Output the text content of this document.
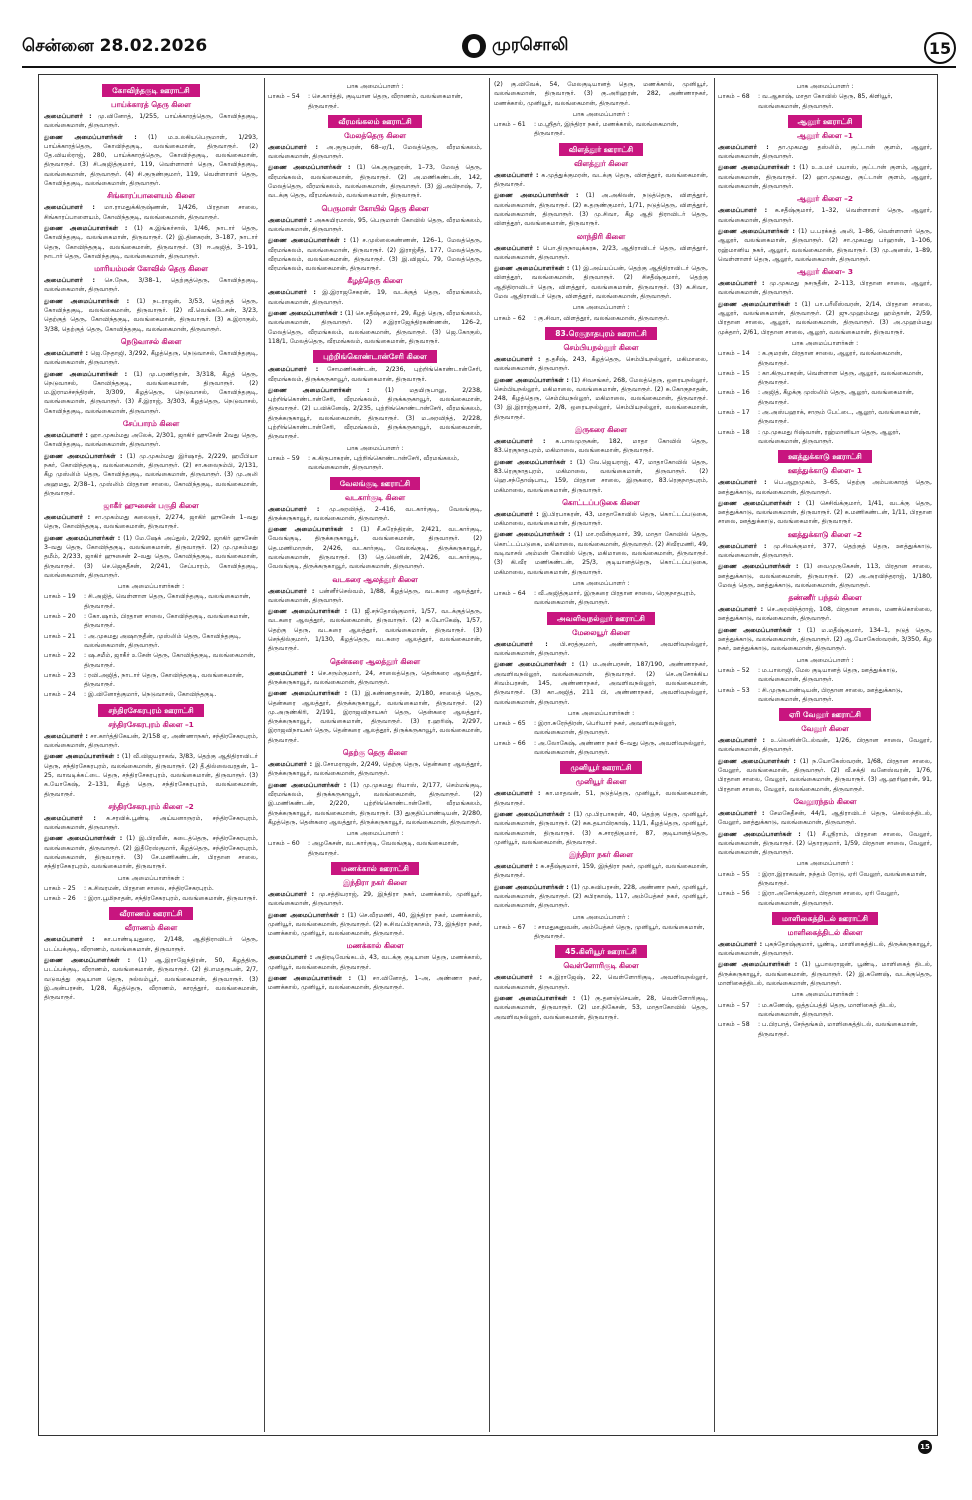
சென்னை 28.02.2026	முரசொலி	15
கோவிந்தகுடி ஊராட்சி
பாய்க்காரத் தெரு கிளை
அமைப்பாளர் : மு.வினோத், 1/255, பாய்க்காரத்தெரு, கோவிந்தகுடி, வலங்கைமான், திருவாரூர்.
துணை அமைப்பாளர்கள் : (1) ம.உலகியபெருமாள், 1/293, பாய்க்காரத்தெரு, கோவிந்தகுடி, வலங்கைமான், திருவாரூர். (2) தே.வியல்ராஜ், 280, பாய்க்காரத்தெரு, கோவிந்தகுடி, வலங்கைமான், திருவாரூர். (3) சி.அஜித்குமார், 119, வெள்ளாளர் தெரு, கோவிந்தகுடி, வலங்கைமான், திருவாரூர். (4) சி.குருண்குமார், 119, வெள்ளாளர் தெரு, கோவிந்தகுடி, வலங்கைமான், திருவாரூர்.
சிங்காரப்பாளையம் கிளை
அமைப்பாளர் : மா.ராமதுக்கிருஷ்ணன், 1/426, பிரதான சாலை, சிங்காரப்பாளையம், கோவிந்தகுடி, வலங்கைமான், திருவாரூர்.
துணை அமைப்பாளர்கள் : (1) க.இங்கர்சால், 1/46, நாடார் தெரு, கோவிந்தகுடி, வலங்கைமான், திருவாரூர். (2) இ.தினகரன், 3–187, நாடார் தெரு, கோவிந்தகுடி, வலங்கைமான், திருவாரூர். (3) ஈ.அஜித், 3–191, நாடார் தெரு, கோவிந்தகுடி, வலங்கைமான், திருவாரூர்.
மாரியம்மன் கோவில் தெரு கிளை
அமைப்பாளர் : செ.நேசு, 3/38–1, தெற்குத்தெரு, கோவிந்தகுடி, வலங்கைமான், திருவாரூர்.
துணை அமைப்பாளர்கள் : (1) நடராஜன், 3/53, தெற்குத் தெரு, கோவிந்தகுடி, வலங்கைமான், திருவாரூர். (2) வீ.வெங்கடேசன், 3/23, தெற்குத் தெரு, கோவிந்தகுடி, வலங்கைமான், திருவாரூர். (3) க.இராகுல், 3/38, தெற்குத் தெரு, கோவிந்தகுடி, வலங்கைமான், திருவாரூர்.
நெடுவாசல் கிளை
அமைப்பாளர் : ஜெ.நேதாஜி, 3/292, கீழத்தெரு, நெடுவாசல், கோவிந்தகுடி, வலங்கைமான், திருவாரூர்.
துணை அமைப்பாளர்கள் : (1) மு.பரணிதரன், 3/318, கீழத் தெரு, நெடுவாசல், கோவிந்தகுடி, வலங்கைமான், திருவாரூர். (2) ம.இராமச்சந்திரன், 3/309, கீழத்தெரு, நெடுவாசல், கோவிந்தகுடி, வலங்கைமான், திருவாரூர். (3) சீ.இராஜ், 3/303, கீழத்தெரு, நெடுவாசல், கோவிந்தகுடி, வலங்கைமான், திருவாரூர்.
சேப்பாரம் கிளை
அமைப்பாளர் : ஹா.முகம்மது அலேக், 2/301, ஜாகிர் ஹுசேன் 2வது தெரு, கோவிந்தகுடி, வலங்கைமான், திருவாரூர்.
துணை அமைப்பாளர்கள் : (1) மு.முகம்மது இர்ஷாத், 2/229, ஹபீபியா நகர், கோவிந்தகுடி, வலங்கைமான், திருவாரூர். (2) சா.கலைநம்பி, 2/131, கீழ முஸ்லிம் தெரு, கோவிந்தகுடி, வலங்கைமான், திருவாரூர். (3) மு.அலி அஹமது, 2/38–1, முஸ்லிம் பிரதான சாலை, கோவிந்தகுடி, வலங்கைமான், திருவாரூர்.
ஜாகீர் ஹுசைன் பகுதி கிளை
அமைப்பாளர் : சா.முகம்மது கலைஞர், 2/274, ஜாகிர் ஹுசேன் 1–வது தெரு, கோவிந்தகுடி, வலங்கைமான், திருவாரூர்.
துணை அமைப்பாளர்கள் : (1) மே.ஷேக் அப்துல், 2/292, ஜாகிர் ஹுசேன் 3–வது தெரு, கோவிந்தகுடி, வலங்கைமான், திருவாரூர். (2) மு.முகம்மது தமீம், 2/233, ஜாகிர் ஹுசைன் 2–வது தெரு, கோவிந்தகுடி, வலங்கைமான், திருவாரூர். (3) செ.ஜெகதீசன், 2/241, சேப்பாரம், கோவிந்தகுடி, வலங்கைமான், திருவாரூர்.
பாக அமைப்பாளர்கள் :
பாகம் – 19	: சி.அஜித், வெள்ளாள தெரு, கோவிந்தகுடி, வலங்கைமான், திருவாரூர்.
பாகம் – 20	: கோ.ஷாம், பிரதான சாலை, கோவிந்தகுடி, வலங்கைமான், திருவாரூர்.
பாகம் – 21	: அ.முகமது அஷாருதீன், முஸ்லிம் தெரு, கோவிந்தகுடி, வலங்கைமான், திருவாரூர்.
பாகம் – 22	: ஷ.சமீம், ஜாகீர் உசேன் தெரு, கோவிந்தகுடி, வலங்கைமான், திருவாரூர்.
பாகம் – 23	: ரவி.அஜித், நாடார் தெரு, கோவிந்தகுடி, வலங்கைமான், திருவாரூர்.
பாகம் – 24	: இ.வினோத்குமார், நெடுவாசல், கோவிந்தகுடி.
சந்திரசேகரபுரம் ஊராட்சி
சந்திரசேகரபுரம் கிளை –1
அமைப்பாளர் : சா.கார்த்திகேயன், 2/158 ஏ, அண்ணாநகர், சந்திரசேகரபுரம், வலங்கைமான், திருவாரூர்.
துணை அமைப்பாளர்கள் : (1) வீ.விஜயராகவ், 3/83, தெற்கு ஆதிதிராவிடர் தெரு, சந்திரசேகரபுரம், வலங்கைமான், திருவாரூர். (2) தீ.தில்லைவரதன், 1–25, வாவடிக்கட்டை தெரு, சந்திரசேகரபுரம், வலங்கைமான், திருவாரூர். (3) க.யோகேஷ், 2–131, கீழத் தெரு, சந்திரசேகரபுரம், வலங்கைமான், திருவாரூர்.
சந்திரசேகரபுரம் கிளை –2
அமைப்பாளர் : க.சரவிக்.பூண்டி அய்யனாருரம், சந்திரசேகரபுரம், வலங்கைமான், திருவாரூர்.
துணை அமைப்பாளர்கள் : (1) இ.பிரவீன், கடைத்தெரு, சந்திரசேகரபுரம், வலங்கைமான், திருவாரூர். (2) இதீரேஸ்குமார், கீழத்தெரு, சந்திரசேகரபுரம், வலங்கைமான், திருவாரூர். (3) சே.மணிகண்டன், பிரதான சாலை, சந்திரசேகரபுரம், வலங்கைமான், திருவாரூர்.
பாக அமைப்பாளர்கள் :
பாகம் – 25	: க.சிவரமன், பிரதான சாலை, சந்திரசேகரபுரம்.
பாகம் – 26	: இரா.பூமிநாதன், சந்திரசேகரபுரம், வலங்கைமான், திருவாரூர்.
வீராணம் ஊராட்சி
வீராணம் கிளை
அமைப்பாளர் : கா.பாண்டியுதுரை, 2/148, ஆதிதிராவிடர் தெரு, படப்பக்குடி, வீராணம், வலங்கைமான், திருவாரூர்.
துணை அமைப்பாளர்கள் : (1) ஆ.இராஜேந்திரன், 50, கீழத்திரு, படப்பக்குடி, வீராணம், வலங்கைமான், திருவாரூர். (2) தி.எமதரூபன், 2/7, வடுவத்து குடியான தெரு, நல்லம்பூர், வலங்கைமான், திருவாரூர். (3) இ.அன்பரசன், 1/28, கீழத்தெரு, வீராணம், காரத்தூர், வலங்கைமான், திருவாரூர்.
பாக அமைப்பாளர் :
பாகம் – 54	: செ.கார்த்தி, குடியான தெரு, வீராணம், வலங்கைமான், திருவாரூர்.
வீரமங்கலம் ஊராட்சி
மேலத்தெரு கிளை
அமைப்பாளர் : அ.குருபரன், 68–ஏ/1, மேலத்தெரு, வீரமங்கலம், வலங்கைமான், திருவாரூர்.
துணை அமைப்பாளர்கள் : (1) கெ.குருஹரன், 1–73, மேலத் தெரு, வீரமங்கலம், வலங்கைமான், திருவாரூர். (2) அ.மணிகண்டன், 142, மேலத்தெரு, வீரமங்கலம், வலங்கைமான், திருவாரூர். (3) இ.அபிநாஷ், 7, வடக்கு தெரு, வீரமங்கலம், வலங்கைமான், திருவாரூர்.
பெருமாள் கோயில் தெரு கிளை
அமைப்பாளர் : அசுகயிரமாஸ், 95, பெருமாள் கோவில் தெரு, வீரமங்கலம், வலங்கைமான், திருவாரூர்.
துணை அமைப்பாளர்கள் : (1) ச.முல்லைகண்ணன், 126–1, மேலத்தெரு, வீரமங்கலம், வலங்கைமான், திருவாரூர். (2) இராஜ்சீத், 177, மேலத்தெரு, வீரமங்கலம், வலங்கைமான், திருவாரூர். (3) இ.விஜய், 79, மேலத்தெரு, வீரமங்கலம், வலங்கைமான், திருவாரூர்.
கீழத்தெரு கிளை
அமைப்பாளர் : இ.இராஜசேகரன், 19, வடக்குத் தெரு, வீரமங்கலம், வலங்கைமான், திருவாரூர்.
துணை அமைப்பாளர்கள் : (1) செ.சதீஷ்குமார், 29, கீழத் தெரு, வீரமங்கலம், வலங்கைமான், திருவாரூர். (2) ச.இராஜேந்திரகண்ணன், 126–2, மேலத்தெரு, வீரமங்கலம், வலங்கைமான், திருவாரூர். (3) ஜெ.கோகுல், 118/1, மேலத்தெரு, வீரமங்கலம், வலங்கைமான், திருவாரூர்.
புற்றிங்கொண்டான்சேரி கிளை
அமைப்பாளர் : சோமணிகண்டன், 2/236, புற்றிங்கொண்டான்சேரி, வீரமங்கலம், திருக்கருகாவூர், வலங்கைமான், திருவாரூர்.
துணை அமைப்பாளர்கள் : (1) மதயிருபாலு, 2/238, புற்றிங்கொண்டான்சேரி, வீரமங்கலம், திருக்கருகாவூர், வலங்கைமான், திருவாரூர். (2) ப.விக்னேஷ், 2/235, புற்றிங்கொண்டான்சேரி, வீரமங்கலம், திருக்கருகாவூர், வலங்கைமான், திருவாரூர். (3) ம.அரவிந்த், 2/228, புற்றிங்கொண்டான்சேரி, வீரமங்கலம், திருக்கருகாவூர், வலங்கைமான், திருவாரூர்.
பாக அமைப்பாளர் :
பாகம் – 59	: க.கிருபாகரன், புற்றிங்கொண்டான்சேரி, வீரமங்கலம், வலங்கைமான், திருவாரூர்.
வேலங்குடி ஊராட்சி
வடகார்குடி கிளை
அமைப்பாளர் : மு.அரவிந்த், 2–416, வடகார்குடி, வேலங்குடி, திருக்கருகாவூர், வலங்கைமான், திருவாரூர்.
துணை அமைப்பாளர்கள் : (1) சீ.சுரேந்திரன், 2/421, வடகார்குடி, வேலங்குடி, திருக்கருகாவூர், வலங்கைமான், திருவாரூர். (2) தெ.மணிமாறன், 2/426, வடகார்குடி, வேலங்குடி, திருக்கருகாவூர், வலங்கைமான், திருவாரூர். (3) தெ.லெனின், 2/426, வடகார்குடி, வேலங்குடி, திருக்கருகாவூர், வலங்கைமான், திருவாரூர்.
வடகரை ஆலத்தூர் கிளை
அமைப்பாளர் : பன்னீர்செல்வம், 1/88, கீழத்தெரு, வடகரை ஆலத்தூர், வலங்கைமான், திருவாரூர்.
துணை அமைப்பாளர்கள் : (1) ஜீ.சந்தோஷ்குமார், 1/57, வடக்குத்தெரு, வடகரை ஆலத்தூர், வலங்கைமான், திருவாரூர். (2) க.யோகேஷ், 1/57, தெற்கு தெரு, வடகரை ஆலத்தூர், வலங்கைமான், திருவாரூர். (3) செந்தில்குமார், 1/130, கீழத்தெரு, வடகரை ஆலத்தூர், வலங்கைமான், திருவாரூர்.
தென்கரை ஆலத்தூர் கிளை
அமைப்பாளர் : செ.சரும்குமார், 24, சாலைத்தெரு, தென்கரை ஆலத்தூர், திருக்கருகாவூர், வலங்கைமான், திருவாரூர்.
துணை அமைப்பாளர்கள் : (1) இ.கண்ணதாசன், 2/180, சாலைத் தெரு, தென்கரை ஆலத்தூர், திருக்கருகாவூர், வலங்கைமான், திருவாரூர். (2) மு.அருண்கிரி, 2/191, இராஜவிநாயகர் தெரு, தென்கரை ஆலத்தூர், திருக்கருகாவூர், வலங்கைமான், திருவாரூர். (3) ர.ஹரிஷ், 2/297, இராஜவிநாயகர் தெரு, தென்கரை ஆலத்தூர், திருக்கருகாவூர், வலங்கைமான், திருவாரூர்.
தெற்கு தெரு கிளை
அமைப்பாளர் : இ.சோமராஜன், 2/249, தெற்கு தெரு, தென்கரை ஆலத்தூர், திருக்கருகாவூர், வலங்கைமான், திருவாரூர்.
துணை அமைப்பாளர்கள் : (1) மு.முகமது ரியாஸ், 2/177, செம்மங்குடி, வீரமங்கலம், திருக்கருகாவூர், வலங்கைமான், திருவாரூர். (2) இ.மணிகண்டன், 2/220, புற்றிங்கொண்டான்சேரி, வீரமங்கலம், திருக்கருகாவூர், வலங்கைமான், திருவாரூர். (3) துகுதிப்பாண்டியன், 2/280, கீழத்தெரு, தென்கரை ஆலத்தூர், திருக்கருகாவூர், வலங்கைமான், திருவாரூர்.
பாக அமைப்பாளர் :
பாகம் – 60	: அழகேசன், வடகார்குடி, வேலங்குடி, வலங்கைமான், திருவாரூர்.
மணக்கால் ஊராட்சி
இந்திரா நகர் கிளை
அமைப்பாளர் : மு.சத்தியராஜ், 29, இந்திரா நகர், மணக்கால், முனியூர், வலங்கைமான், திருவாரூர்.
துணை அமைப்பாளர்கள் : (1) செ.வீரமணி, 40, இந்திரா நகர், மணக்கால், முனியூர், வலங்கைமான், திருவாரூர். (2) சு.சிவப்பிரகாசம், 73, இந்திரா நகர், மணக்கால், முனியூர், வலங்கைமான், திருவாரூர்.
மணக்கால் கிளை
அமைப்பாளர் : அதிரடிவேங்கடம், 43, வடக்கு குடியான தெரு, மணக்கால், முனியூர், வலங்கைமான், திருவாரூர்.
துணை அமைப்பாளர்கள் : (1) சா.வினோத், 1–அ, அண்ணா நகர், மணக்கால், முனியூர், வலங்கைமான், திருவாரூர்.
(2) கு.விவேக், 54, மேலகுடியானத் தெரு, மணக்கால், முனியூர், வலங்கைமான், திருவாரூர். (3) கு.அரிஹரன், 282, அண்ணாநகர், மணக்கால், முனியூர், வலங்கைமான், திருவாரூர்.
பாக அமைப்பாளர் :
பாகம் – 61	: ம.ஸ்ரீதர், இந்திரா நகர், மணக்கால், வலங்கைமான், திருவாரூர்.
விளத்தூர் ஊராட்சி
விளத்தூர் கிளை
அமைப்பாளர் : க.முத்துக்குமரன், வடக்கு தெரு, விளத்தூர், வலங்கைமான், திருவாரூர்.
துணை அமைப்பாளர்கள் : (1) அ.அகிலன், நடுத்தெரு, விளத்தூர், வலங்கைமான், திருவாரூர். (2) க.தருண்குமார், 1/71, நடுத்தெரு, விளத்தூர், வலங்கைமான், திருவாரூர். (3) மு.சிவா, கீழ ஆதி திராவிடர் தெரு, விளத்தூர், வலங்கைமான், திருவாரூர்.
லாந்திரி கிளை
அமைப்பாளர் : பொ.திருநாவுக்கரசு, 2/23, ஆதிராவிடர் தெரு, விளத்தூர், வலங்கைமான், திருவாரூர்.
துணை அமைப்பாளர்கள் : (1) இ.அய்யப்பன், தெற்கு ஆதிதிராவிடர் தெரு, விளத்தூர், வலங்கைமான், திருவாரூர். (2) சிசதீஷ்குமார், தெற்கு ஆதிதிராவிடர் தெரு, விளத்தூர், வலங்கைமான், திருவாரூர். (3) க.சிவா, மேல ஆதிராவிடர் தெரு, விளத்தூர், வலங்கைமான், திருவாரூர்.
பாக அமைப்பாளர் :
பாகம் – 62	: கு.சிவா, விளத்தூர், வலங்கைமான், திருவாரூர்.
83.ரெகுநாதபுரம் ஊராட்சி
செம்பியநல்லூர் கிளை
அமைப்பாளர் : த.தசீஷ், 243, கீழத்தெரு, செம்பியநல்லூர், மகிமாலை, வலங்கைமான், திருவாரூர்.
துணை அமைப்பாளர்கள் : (1) சிவசங்கர், 268, மேலத்தெரு, ஒரையநல்லூர், செம்பியநல்லூர், மகிமாலை, வலங்கைமான், திருவாரூர். (2) சு.கோகுநாதன், 248, கீழத்தெரு, செம்பியநல்லூர், மகிமாலை, வலங்கைமான், திருவாரூர். (3) இ.இராஜ்குமார், 2/8, ஒரையநல்லூர், செம்பியநல்லூர், வலங்கைமான், திருவாரூர்.
இருகரை கிளை
அமைப்பாளர் : க.பாலமுருகன், 182, மாதா கோவில் தெரு, 83.ரெகுநாதபுரம், மகிமாலை, வலங்கைமான், திருவாரூர்.
துணை அமைப்பாளர்கள் : (1) வே.ஜெயராஜ், 47, மாதாகோவில் தெரு, 83.ரெகுநாதபுரம், மகிமாலை, வலங்கைமான், திருவாரூர். (2) ஹெ.சந்தோஷ்பாபு, 159, பிரதான சாலை, இருகரை, 83.ரெகுநாதபுரம், மகிமாலை, வலங்கைமான், திருவாரூர்.
கொட்டப்படுகை கிளை
அமைப்பாளர் : இ.பிரபாகரன், 43, மாதாகோவில் தெரு, கொட்டப்படுகை, மகிமாலை, வலங்கைமான், திருவாரூர்.
துணை அமைப்பாளர்கள் : (1) மா.ரவீன்குமார், 39, மாதா கோவில் தெரு, கொட்டப்படுகை, மகிமாலை, வலங்கைமான், திருவாரூர். (2) சிவீரமணி, 49, வடிவாசல் அம்மன் கோவில் தெரு, மகிமாலை, வலங்கைமான், திருவாரூர். (3) கி.வீர மணிகண்டன், 25/3, குடியானத்தெரு, கொட்டப்படுகை, மகிமாலை, வலங்கைமான், திருவாரூர்.
பாக அமைப்பாளர் :
பாகம் – 64	: வீ.அஜித்குமார், இருகரை பிரதான சாலை, ரெகுநாதபுரம், வலங்கைமான், திருவாரூர்.
அவளிவநல்லூர் ஊராட்சி
மேலையூர் கிளை
அமைப்பாளர் : பி.சரத்குமார், அண்ணாநகர், அவளிவநல்லூர், வலங்கைமான், திருவாரூர்.
துணை அமைப்பாளர்கள் : (1) ம.அன்பரசன், 187/190, அண்ணாநகர், அவளிவநல்லூர், வலங்கைமான், திருவாரூர். (2) செ.அசோக்கிய சிவம்பரசன், 145, அண்ணாநகர், அவளிவநல்லூர், வலங்கைமான், திருவாரூர். (3) கா.அஜித், 211 பி, அண்ணாநகர், அவளிவநல்லூர், வலங்கைமான், திருவாரூர்.
பாக அமைப்பாளர்கள் :
பாகம் – 65	: இரா.சுரேந்திரன், பெரியார் நகர், அவளிவநல்லூர், வலங்கைமான், திருவாரூர்.
பாகம் – 66	: அ.லோகேஷ், அண்ணா நகர் 6–வது தெரு, அவளிவநல்லூர், வலங்கைமான், திருவாரூர்.
முனியூர் ஊராட்சி
முனியூர் கிளை
அமைப்பாளர் : கா.மாதவன், 51, நடுத்தெரு, முனியூர், வலங்கைமான், திருவாரூர்.
துணை அமைப்பாளர்கள் : (1) மு.பிரபாகரன், 40, தெற்கு தெரு, முனியூர், வலங்கைமான், திருவாரூர். (2) சுக.தயாபிரகாஷ், 11/1, கீழத்தெரு, முனியூர், வலங்கைமான், திருவாரூர். (3) சு.சாரதிகுமார், 87, குடியானத்தெரு, முனியூர், வலங்கைமான், திருவாரூர்.
இந்திரா நகர் கிளை
அமைப்பாளர் : சு.சதீஷ்குமார், 159, இந்திரா நகர், முனியூர், வலங்கைமான், திருவாரூர்.
துணை அமைப்பாளர்கள் : (1) மு.சுவிபரசன், 228, அண்ணா நகர், முனியூர், வலங்கைமான், திருவாரூர். (2) சுபிரகாஷ், 117, அம்பேத்கர் நகர், முனியூர், வலங்கைமான், திருவாரூர்.
பாக அமைப்பாளர் :
பாகம் – 67	: சாமதுகனுவன், அம்பேத்கர் தெரு, முனியூர், வலங்கைமான், திருவாரூர்.
45.கிளியூர் ஊராட்சி
வெள்ளோரிகுடி கிளை
அமைப்பாளர் : க.இராஜேஷ், 22, வெள்ளோரிகுடி, அவளிவநல்லூர், வலங்கைமான், திருவாரூர்.
துணை அமைப்பாளர்கள் : (1) கு.தனஞ்செயன், 28, வெள்ளோரிகுடி, வலங்கைமான், திருவாரூர். (2) மா.நிகேசன், 53, மாதாகோவில் தெரு, அவளிவநல்லூர், வலங்கைமான், திருவாரூர்.
பாக அமைப்பாளர் :
பாகம் – 68	: வ.ஆகாஷ், மாதா கோவில் தெரு, 85, கிளியூர், வலங்கைமான், திருவாரூர்.
ஆலூர் ஊராட்சி
ஆலூர் கிளை –1
அமைப்பாளர் : தா.முகமது தஸ்லிம், குட்டான் குளம், ஆலூர், வலங்கைமான், திருவாரூர்.
துணை அமைப்பாளர்கள் : (1) உ.உமர் பயாஸ், குட்டான் குளம், ஆலூர், வலங்கைமான், திருவாரூர். (2) ஹா.முகமது, குட்டான் குளம், ஆலூர், வலங்கைமான், திருவாரூர்.
ஆலூர் கிளை –2
அமைப்பாளர் : க.சதீஷ்குமார், 1–32, வெள்ளாளர் தெரு, ஆலூர், வலங்கைமான், திருவாரூர்.
துணை அமைப்பாளர்கள் : (1) ப.பரக்கத் அலி, 1–86, வெள்ளாளர் தெரு, ஆலூர், வலங்கைமான், திருவாரூர். (2) சா.முகமது பர்ஹான், 1–106, ரஹ்மானிய நகர், ஆலூர், வலங்கைமான், திருவாரூர். (3) மு.அனஸ், 1–89, வெள்ளாளர் தெரு, ஆலூர், வலங்கைமான், திருவாரூர்.
ஆலூர் கிளை– 3
அமைப்பாளர் : மு.முகமது நசருதீன், 2–113, பிரதான சாலை, ஆலூர், வலங்கைமான், திருவாரூர்.
துணை அமைப்பாளர்கள் : (1) பா.பரீலீஸ்வரன், 2/14, பிரதான சாலை, ஆலூர், வலங்கைமான், திருவாரூர். (2) ஜு.முஹம்மது ஹம்தான், 2/59, பிரதான சாலை, ஆலூர், வலங்கைமான், திருவாரூர். (3) அ.முஹம்மது முக்தார், 2/61, பிரதான சாலை, ஆலூர், வலங்கைமான், திருவாரூர்.
பாக அமைப்பாளர்கள் :
பாகம் – 14	: க.குமரன், பிரதான சாலை, ஆலூர், வலங்கைமான், திருவாரூர்.
பாகம் – 15	: கா.கிருபாகரன், வெள்ளாள தெரு, ஆலூர், வலங்கைமான், திருவாரூர்.
பாகம் – 16	: அஜித், கீழக்கு முஸ்லிம் தெரு, ஆலூர், வலங்கைமான், திருவாரூர்.
பாகம் – 17	: அ.அஸ்பஹாக், சாரும் பேட்டை, ஆலூர், வலங்கைமான், திருவாரூர்.
பாகம் – 18	: மு.முகமது ரிஷ்வான், ரஹ்மானியா தெரு, ஆலூர், வலங்கைமான், திருவாரூர்.
ஊத்துக்காடு ஊராட்சி
ஊத்துக்காடு கிளை– 1
அமைப்பாளர் : பெ.ஆறுமுகம், 3–65, தெற்கு அம்பலகாரத் தெரு, ஊத்துக்காடு, வலங்கைமான், திருவாரூர்.
துணை அமைப்பாளர்கள் : (1) செசிவ்க்குமார், 1/41, வடக்கு தெரு, ஊத்துக்காடு, வலங்கைமான், திருவாரூர். (2) க.மணிகண்டன், 1/11, பிரதான சாலை, ஊத்துக்காடு, வலங்கைமான், திருவாரூர்.
ஊத்துக்காடு கிளை –2
அமைப்பாளர் : மு.சிவக்குமார், 377, தெற்குத் தெரு, ஊத்துக்காடு, வலங்கைமான், திருவாரூர்.
துணை அமைப்பாளர்கள் : (1) வைமுருகேசன், 113, பிரதான சாலை, ஊத்துக்காடு, வலங்கைமான், திருவாரூர். (2) அ.அரவிந்தராஜ், 1/180, மேலத் தெரு, ஊத்துக்காடு, வலங்கைமான், திருவாரூர்.
தண்ணீர் பந்தல் கிளை
அமைப்பாளர் : செ.அரவிந்த்ராஜ், 108, பிரதான சாலை, மணக்கொல்லை, ஊத்துக்காடு, வலங்கைமான், திருவாரூர்.
துணை அமைப்பாளர்கள் : (1) ம.மதீஷ்குமார், 134–1, நடுத் தெரு, ஊத்துக்காடு, வலங்கைமான், திருவாரூர். (2) ஆ.யோகேஸ்வரன், 3/350, கீழ நகர், ஊத்துக்காடு, வலங்கைமான், திருவாரூர்.
பாக அமைப்பாளர் :
பாகம் – 52	: ம.பாலாஜி, மேல குடியானத் தெரு, ஊத்துக்காடு, வலங்கைமான், திருவாரூர்.
பாகம் – 53	: சி.முருகபாண்டியன், பிரதான சாலை, ஊத்துக்காடு, வலங்கைமான், திருவாரூர்.
ஏரி வேலூர் ஊராட்சி
வேலூர் கிளை
அமைப்பாளர் : உ.லெனின்டேல்வன், 1/26, பிரதான சாலை, வேலூர், வலங்கைமான், திருவாரூர்.
துணை அமைப்பாளர்கள் : (1) ந.யோகேஸ்வரன், 1/68, பிரதான சாலை, வேலூர், வலங்கைமான், திருவாரூர். (2) வீ.சக்தி வனேஸ்வரன், 1/76, பிரதான சாலை, வேலூர், வலங்கைமான், திருவாரூர். (3) ஆ.ஹரிஹரன், 91, பிரதான சாலை, வேலூர், வலங்கைமான், திருவாரூர்.
வேலூரந்தம் கிளை
அமைப்பாளர் : சேமகேதீசன், 44/1, ஆதிராவிடர் தெரு, செல்லந்திடல், வேலூர், ஊத்துக்காடு, வலங்கைமான், திருவாரூர்.
துணை அமைப்பாளர்கள் : (1) சீ.ஸ்ரீராம், பிரதான சாலை, வேலூர், வலங்கைமான், திருவாரூர். (2) தொரகுமார், 1/59, பிரதான சாலை, வேலூர், வலங்கைமான், திருவாரூர்.
பாக அமைப்பாளர் :
பாகம் – 55	: இரா.இராகவன், நந்தம் ரோடு, ஏரி வேலூர், வலங்கைமான், திருவாரூர்.
பாகம் – 56	: இரா.அசோக்குமார், பிரதான சாலை, ஏரி வேலூர், வலங்கைமான், திருவாரூர்.
மாளிகைத்திடல் ஊராட்சி
மாளிகைத்திடல் கிளை
அமைப்பாளர் : புகந்தோஷ்குமார், பூண்டி, மாளிகைத்திடல், திருக்கருகாவூர், வலங்கைமான், திருவாரூர்.
துணை அமைப்பாளர்கள் : (1) பூபாலராஜன், பூண்டி, மாளிகைத் திடல், திருக்கருகாவூர், வலங்கைமான், திருவாரூர். (2) இ.கணேஷ், வடக்குதெரு, மாளிகைத்திடல், வலங்கைமான், திருவாரூர்.
பாக அமைப்பாளர்கள் :
பாகம் – 57	: ம.கணேஷ், ஒத்தப்பத்தி தெரு, மாளிகைத் திடல், வலங்கைமான், திருவாரூர்.
பாகம் – 58	: ப.பிரபாத், சேந்தங்கம், மாளிகைத்திடல், வலங்கைமான், திருவாரூர்.
15
